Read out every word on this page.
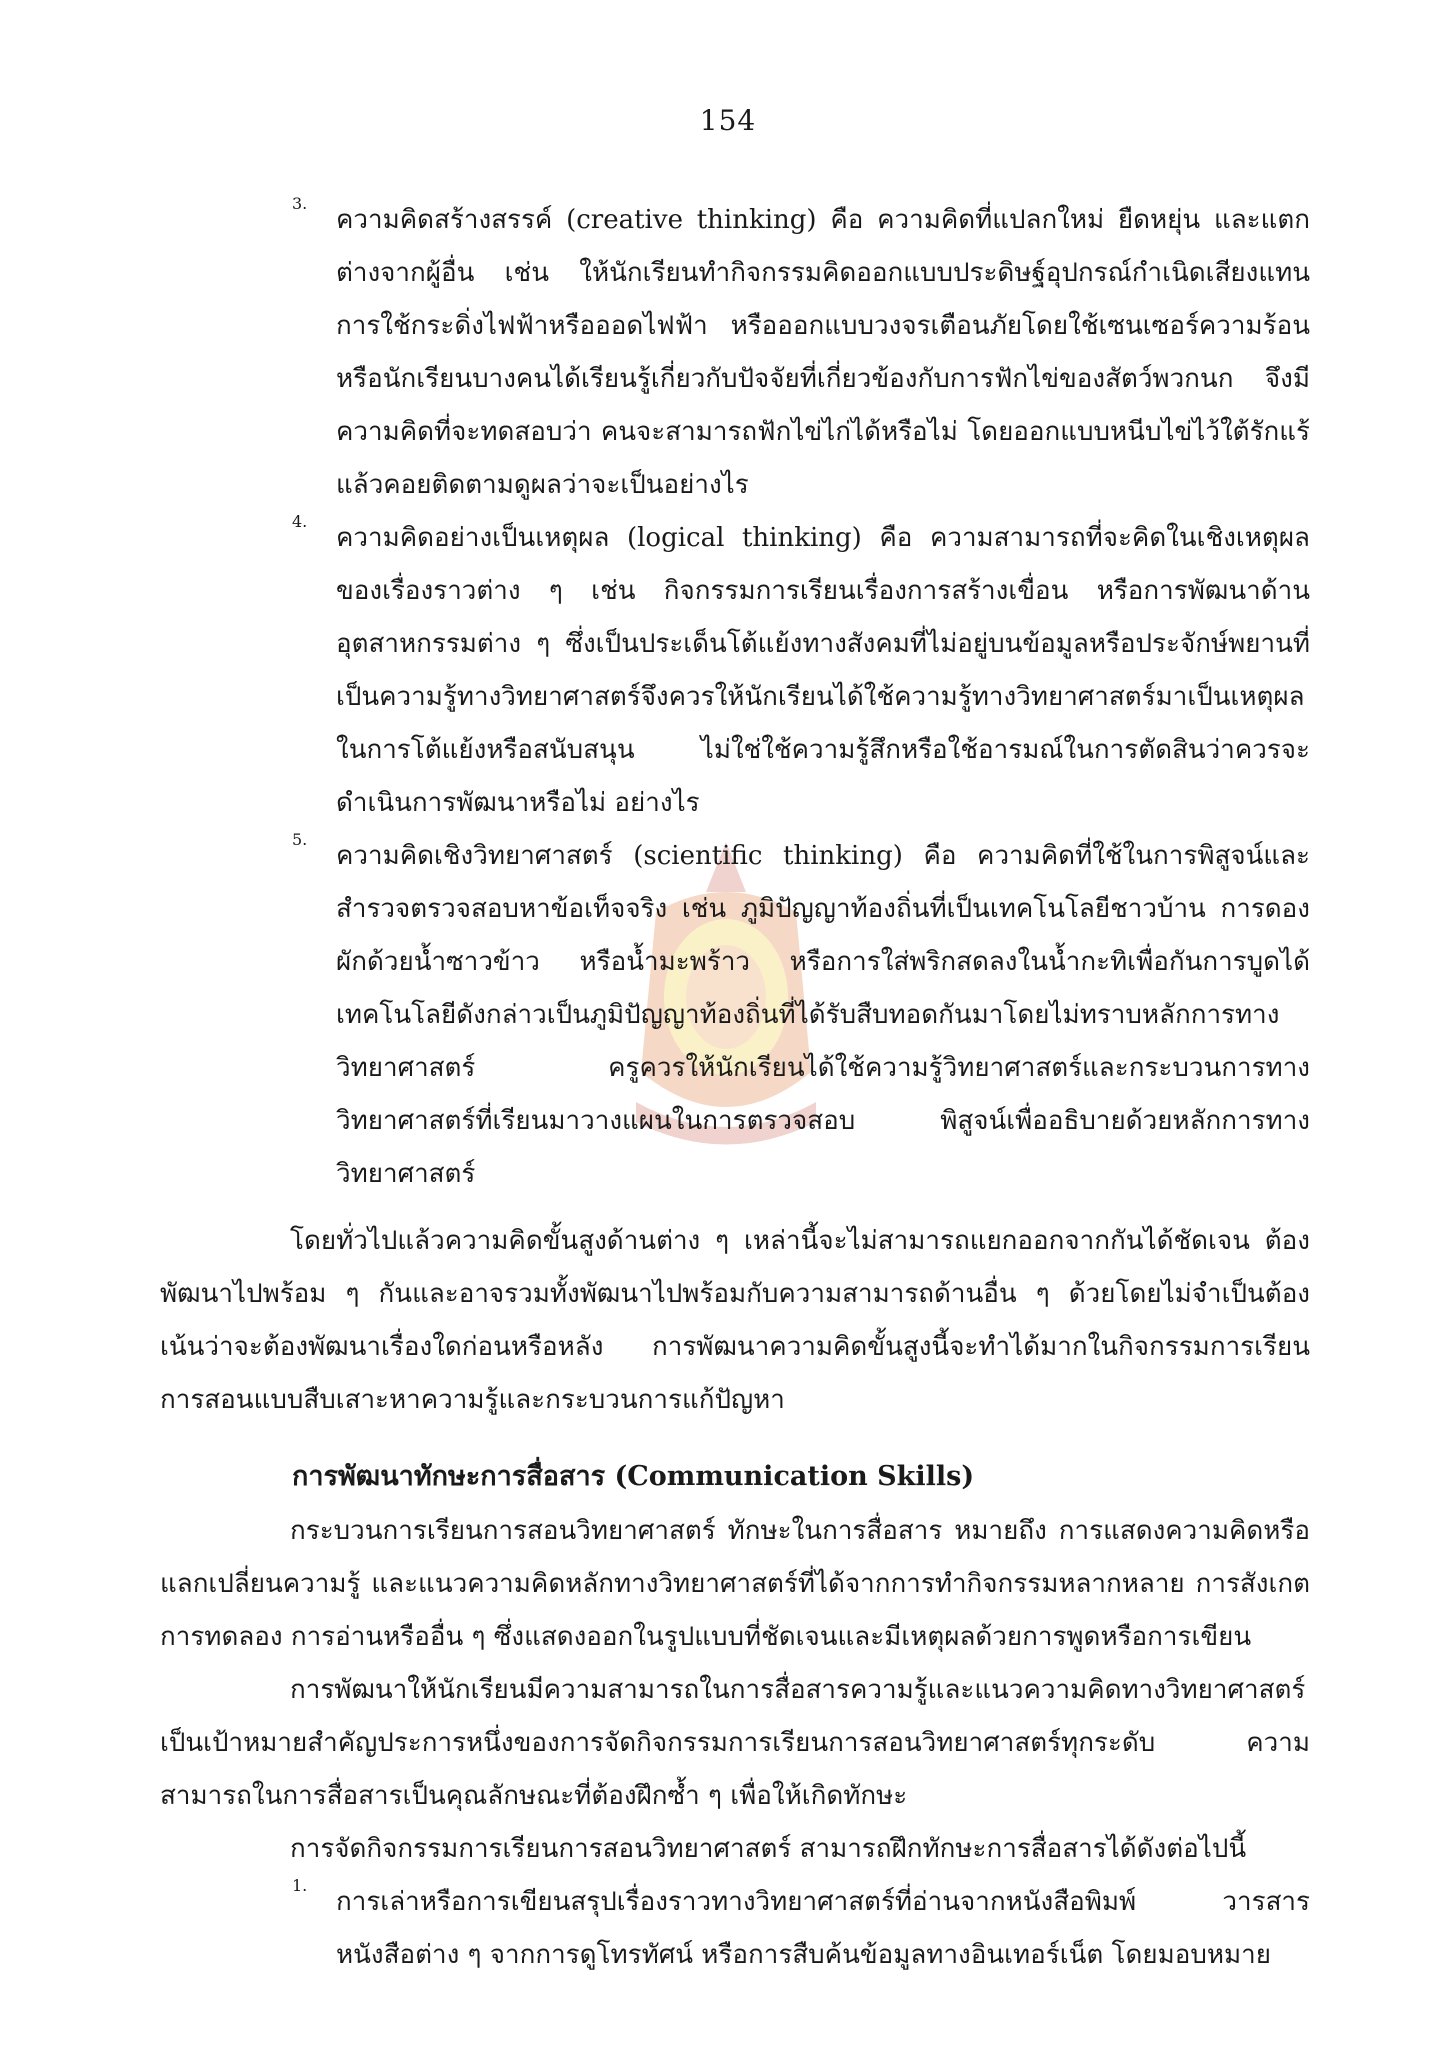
154
3.

ความคิดสร้างสรรค์ (creative thinking) คือ ความคิดที่แปลกใหม่ ยืดหยุ่น และแตกต่างจากผู้อื่น เช่น ให้นักเรียนทำกิจกรรมคิดออกแบบประดิษฐ์อุปกรณ์กำเนิดเสียงแทนการใช้กระดิ่งไฟฟ้าหรือออดไฟฟ้า หรือออกแบบวงจรเตือนภัยโดยใช้เซนเซอร์ความร้อน หรือนักเรียนบางคนได้เรียนรู้เกี่ยวกับปัจจัยที่เกี่ยวข้องกับการฟักไข่ของสัตว์พวกนก จึงมีความคิดที่จะทดสอบว่า คนจะสามารถฟักไข่ไก่ได้หรือไม่ โดยออกแบบหนีบไข่ไว้ใต้รักแร้ แล้วคอยติดตามดูผลว่าจะเป็นอย่างไร

4.

ความคิดอย่างเป็นเหตุผล (logical thinking) คือ ความสามารถที่จะคิดในเชิงเหตุผลของเรื่องราวต่าง ๆ เช่น กิจกรรมการเรียนเรื่องการสร้างเขื่อน หรือการพัฒนาด้านอุตสาหกรรมต่าง ๆ ซึ่งเป็นประเด็นโต้แย้งทางสังคมที่ไม่อยู่บนข้อมูลหรือประจักษ์พยานที่เป็นความรู้ทางวิทยาศาสตร์จึงควรให้นักเรียนได้ใช้ความรู้ทางวิทยาศาสตร์มาเป็นเหตุผลในการโต้แย้งหรือสนับสนุน ไม่ใช่ใช้ความรู้สึกหรือใช้อารมณ์ในการตัดสินว่าควรจะดำเนินการพัฒนาหรือไม่ อย่างไร

5.

ความคิดเชิงวิทยาศาสตร์ (scientific thinking) คือ ความคิดที่ใช้ในการพิสูจน์และสำรวจตรวจสอบหาข้อเท็จจริง เช่น ภูมิปัญญาท้องถิ่นที่เป็นเทคโนโลยีชาวบ้าน การดองผักด้วยน้ำซาวข้าว หรือน้ำมะพร้าว หรือการใส่พริกสดลงในน้ำกะทิเพื่อกันการบูดได้ เทคโนโลยีดังกล่าวเป็นภูมิปัญญาท้องถิ่นที่ได้รับสืบทอดกันมาโดยไม่ทราบหลักการทางวิทยาศาสตร์ ครูควรให้นักเรียนได้ใช้ความรู้วิทยาศาสตร์และกระบวนการทางวิทยาศาสตร์ที่เรียนมาวางแผนในการตรวจสอบ พิสูจน์เพื่ออธิบายด้วยหลักการทางวิทยาศาสตร์

โดยทั่วไปแล้วความคิดขั้นสูงด้านต่าง ๆ เหล่านี้จะไม่สามารถแยกออกจากกันได้ชัดเจน ต้องพัฒนาไปพร้อม ๆ กันและอาจรวมทั้งพัฒนาไปพร้อมกับความสามารถด้านอื่น ๆ ด้วยโดยไม่จำเป็นต้องเน้นว่าจะต้องพัฒนาเรื่องใดก่อนหรือหลัง การพัฒนาความคิดขั้นสูงนี้จะทำได้มากในกิจกรรมการเรียนการสอนแบบสืบเสาะหาความรู้และกระบวนการแก้ปัญหา

การพัฒนาทักษะการสื่อสาร (Communication Skills)

กระบวนการเรียนการสอนวิทยาศาสตร์ ทักษะในการสื่อสาร หมายถึง การแสดงความคิดหรือแลกเปลี่ยนความรู้ และแนวความคิดหลักทางวิทยาศาสตร์ที่ได้จากการทำกิจกรรมหลากหลาย การสังเกต การทดลอง การอ่านหรืออื่น ๆ ซึ่งแสดงออกในรูปแบบที่ชัดเจนและมีเหตุผลด้วยการพูดหรือการเขียน

การพัฒนาให้นักเรียนมีความสามารถในการสื่อสารความรู้และแนวความคิดทางวิทยาศาสตร์เป็นเป้าหมายสำคัญประการหนึ่งของการจัดกิจกรรมการเรียนการสอนวิทยาศาสตร์ทุกระดับ ความสามารถในการสื่อสารเป็นคุณลักษณะที่ต้องฝึกซ้ำ ๆ เพื่อให้เกิดทักษะ

การจัดกิจกรรมการเรียนการสอนวิทยาศาสตร์ สามารถฝึกทักษะการสื่อสารได้ดังต่อไปนี้

1.

การเล่าหรือการเขียนสรุปเรื่องราวทางวิทยาศาสตร์ที่อ่านจากหนังสือพิมพ์ วารสาร หนังสือต่าง ๆ จากการดูโทรทัศน์ หรือการสืบค้นข้อมูลทางอินเทอร์เน็ต โดยมอบหมาย
